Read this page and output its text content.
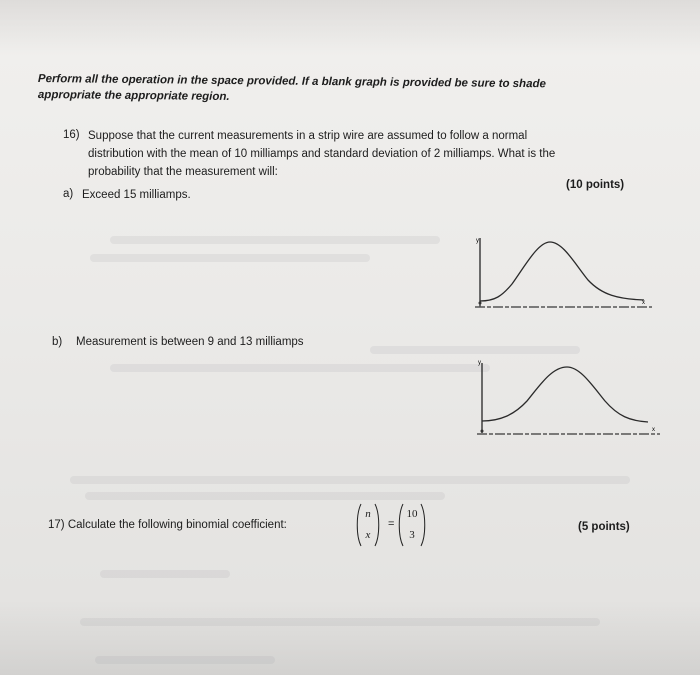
Perform all the operation in the space provided. If a blank graph is provided be sure to shade
appropriate the appropriate region.
16) Suppose that the current measurements in a strip wire are assumed to follow a normal
distribution with the mean of 10 milliamps and standard deviation of 2 milliamps. What is the
probability that the measurement will:
(10 points)
a) Exceed 15 milliamps.
y
x
b) Measurement is between 9 and 13 milliamps
y
x
17) Calculate the following binomial coefficient:
n
x
=
10
3
(5 points)
